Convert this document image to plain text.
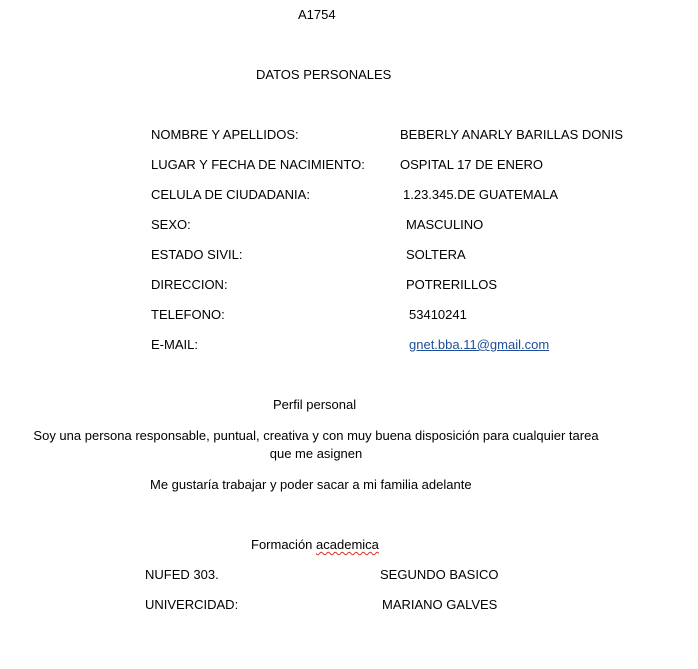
A1754
DATOS PERSONALES
NOMBRE Y APELLIDOS:	BEBERLY ANARLY BARILLAS DONIS
LUGAR Y FECHA DE NACIMIENTO:	OSPITAL 17 DE ENERO
CELULA DE CIUDADANIA:	1.23.345.DE GUATEMALA
SEXO:	MASCULINO
ESTADO SIVIL:	SOLTERA
DIRECCION:	POTRERILLOS
TELEFONO:	53410241
E-MAIL:	gnet.bba.11@gmail.com
Perfil personal
Soy una persona responsable, puntual, creativa y con muy buena disposición para cualquier tarea
que me asignen
Me gustaría trabajar y poder sacar a mi familia adelante
Formación academica
NUFED 303.	SEGUNDO BASICO
UNIVERCIDAD:	MARIANO GALVES
